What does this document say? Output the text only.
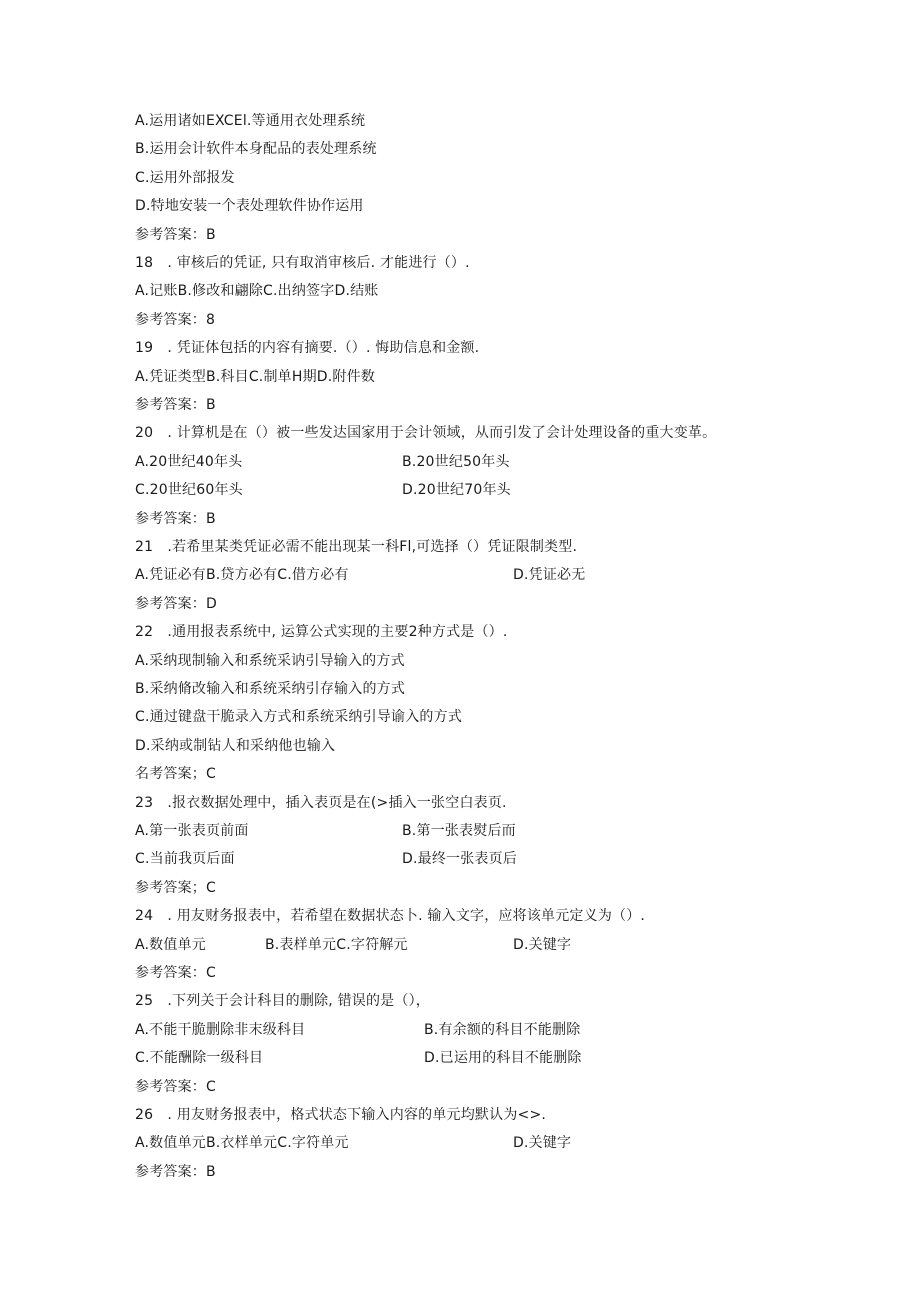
A.运用诸如EXCEl.等通用衣处理系统
B.运用会计软件本身配品的表处理系统
C.运用外部报发
D.特地安装一个表处理软件协作运用
参考答案：B
18　. 审核后的凭证, 只有取消审核后. 才能进行（）.
A.记账B.修改和翩除C.出纳签字D.结账
参考答案：8
19　. 凭证体包括的内容有摘要.（）. 悔助信息和金额.
A.凭证类型B.科目C.制单H期D.附件数
参考答案：B
20　. 计算机是在（）被一些发达国家用于会计领域，从而引发了会计处理设备的重大变革。
A.20世纪40年头	B.20世纪50年头
C.20世纪60年头	D.20世纪70年头
参考答案：B
21　.若希里某类凭证必需不能出现某一科Fl,可选择（）凭证限制类型.
A.凭证必有B.贷方必有C.借方必有	D.凭证必无
参考答案：D
22　.通用报表系统中, 运算公式实现的主要2种方式是（）.
A.采纳现制输入和系统采讷引导输入的方式
B.采纳脩改输入和系统采纳引存输入的方式
C.通过键盘干脆录入方式和系统采纳引导谕入的方式
D.采纳或制钻人和采纳他也输入
名考答案；C
23　.报衣数据处理中，插入表页是在(>插入一张空白表页.
A.第一张表页前面	B.第一张表熨后而
C.当前我页后面	D.最终一张表页后
参考答案；C
24　. 用友财务报表中，若希望在数据状态卜. 输入文字，应将该单元定义为（）.
A.数值单元	B.表样单元C.字符解元	D.关键字
参考答案：C
25　.下列关于会计科目的删除, 错误的是（），
A.不能干脆删除非末级科目	B.有余额的科目不能删除
C.不能酬除一级科目	D.已运用的科目不能删除
参考答案：C
26　. 用友财务报表中，格式状态下输入内容的单元均默认为<>.
A.数值单元B.衣样单元C.字符单元	D.关键字
参考答案：B
